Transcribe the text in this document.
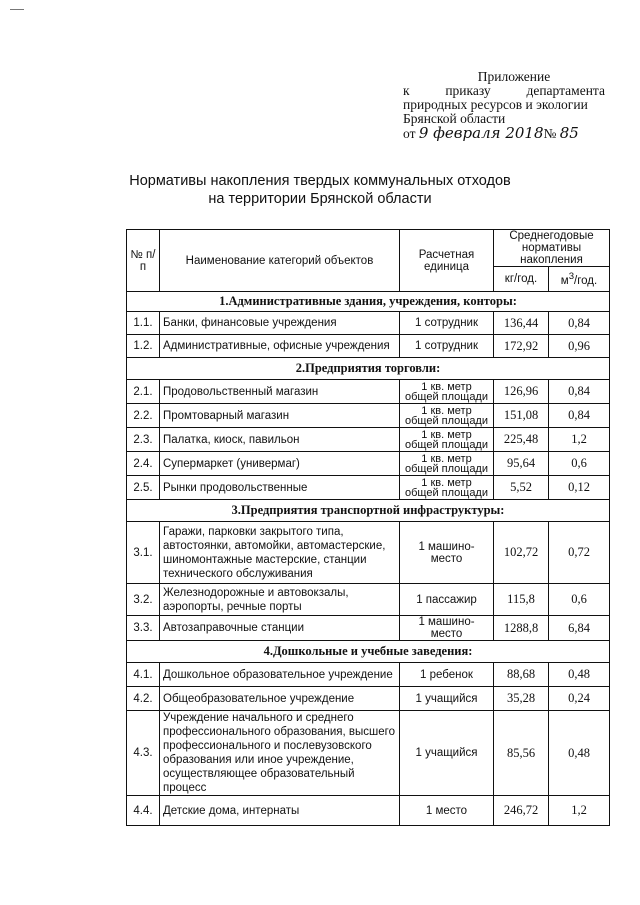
Приложение
к	приказу	департамента
природных ресурсов и экологии
Брянской области
от 9 февраля 2018№ 85
Нормативы накопления твердых коммунальных отходов
на территории Брянской области
№ п/п	Наименование категорий объектов	Расчетная единица	Среднегодовые нормативы накопления	
			кг/год.	$м^3$/год.
1.Административные здания, учреждения, конторы:				
1.1.	Банки, финансовые учреждения	1 сотрудник	136,44	0,84
1.2.	Административные, офисные учреждения	1 сотрудник	172,92	0,96
2.Предприятия торговли:				
2.1.	Продовольственный магазин	1 кв. метр общей площади	126,96	0,84
2.2.	Промтоварный магазин	1 кв. метр общей площади	151,08	0,84
2.3.	Палатка, киоск, павильон	1 кв. метр общей площади	225,48	1,2
2.4.	Супермаркет (универмаг)	1 кв. метр общей площади	95,64	0,6
2.5.	Рынки продовольственные	1 кв. метр общей площади	5,52	0,12
3.Предприятия транспортной инфраструктуры:				
3.1.	Гаражи, парковки закрытого типа, автостоянки, автомойки, автомастерские, шиномонтажные мастерские, станции технического обслуживания	1 машино-место	102,72	0,72
3.2.	Железнодорожные и автовокзалы, аэропорты, речные порты	1 пассажир	115,8	0,6
3.3.	Автозаправочные станции	1 машино-место	1288,8	6,84
4.Дошкольные и учебные заведения:				
4.1.	Дошкольное образовательное учреждение	1 ребенок	88,68	0,48
4.2.	Общеобразовательное учреждение	1 учащийся	35,28	0,24
4.3.	Учреждение начального и среднего профессионального образования, высшего профессионального и послевузовского образования или иное учреждение, осуществляющее образовательный процесс	1 учащийся	85,56	0,48
4.4.	Детские дома, интернаты	1 место	246,72	1,2
